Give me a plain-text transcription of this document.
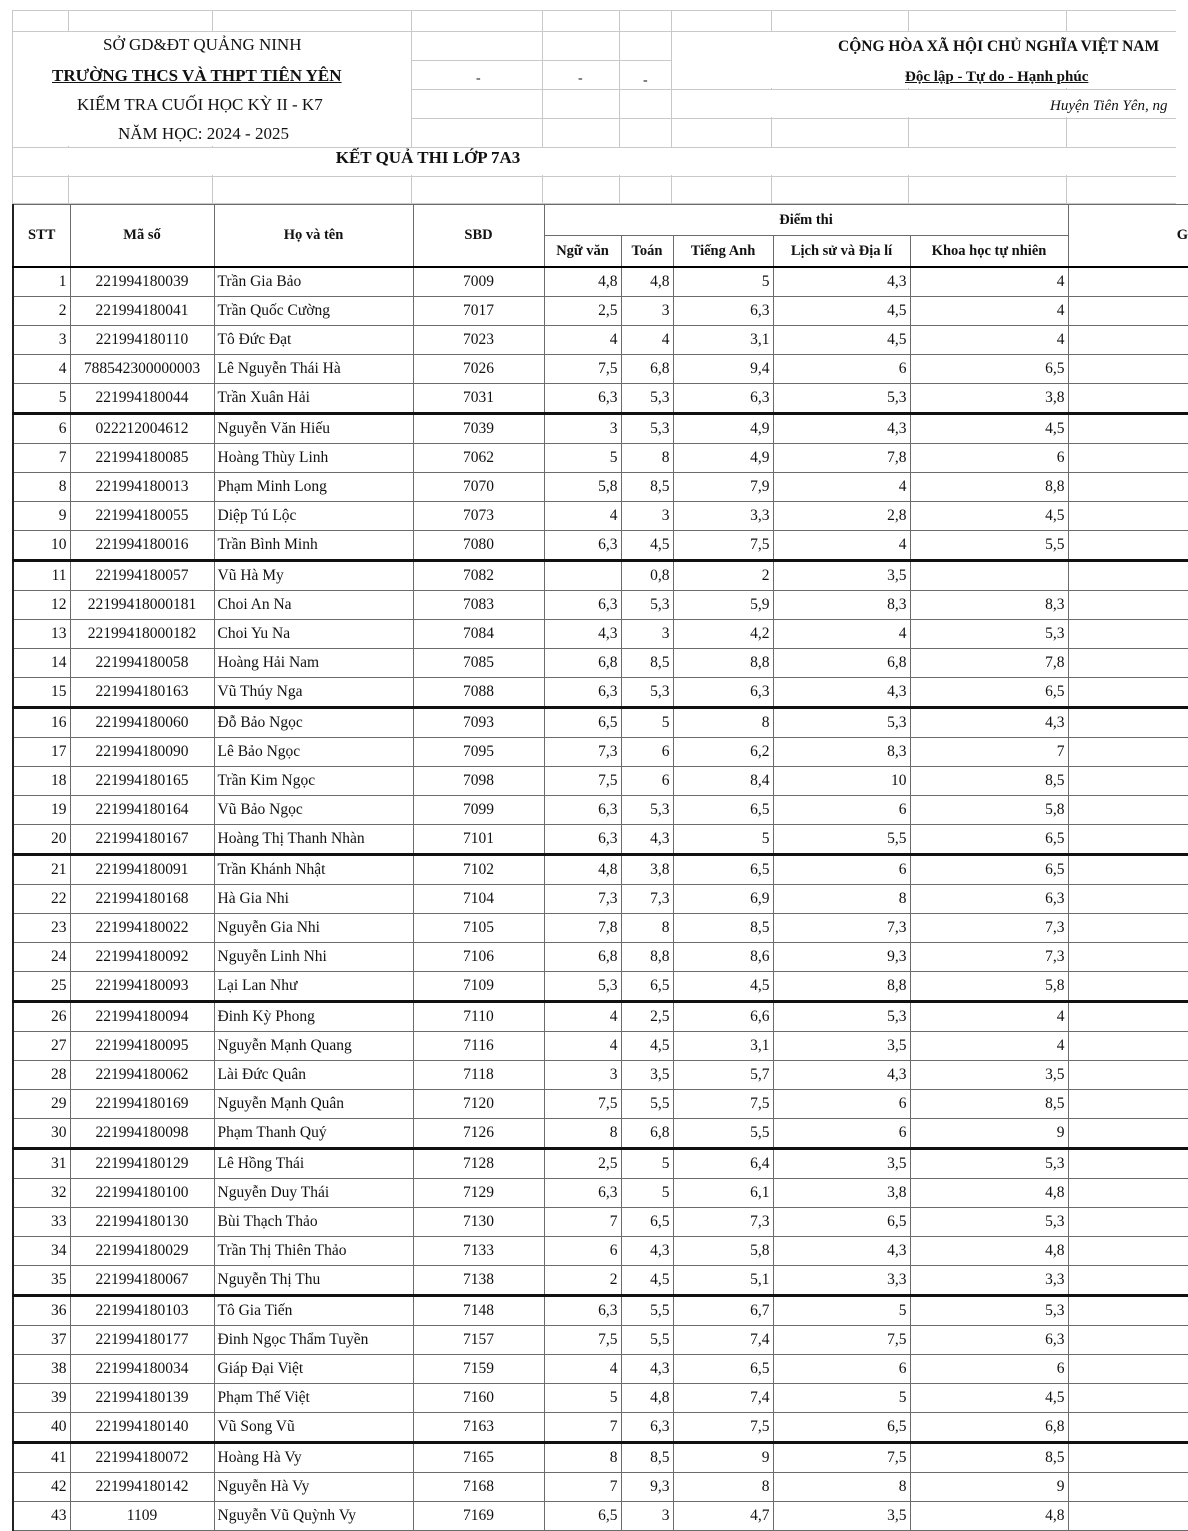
SỞ GD&ĐT QUẢNG NINH
TRƯỜNG THCS VÀ THPT TIÊN YÊN
KIỂM TRA CUỐI HỌC KỲ II - K7
NĂM HỌC: 2024 - 2025
-	-	-
CỘNG HÒA XÃ HỘI CHỦ NGHĨA VIỆT NAM
Độc lập - Tự do - Hạnh phúc
Huyện Tiên Yên, ng
KẾT QUẢ THI LỚP 7A3
STT	Mã số	Họ và tên	SBD	Điểm thi					G
				Ngữ văn	Toán	Tiếng Anh	Lịch sử và Địa lí	Khoa học tự nhiên	
1	221994180039	Trần Gia Bảo	7009	4,8	4,8	5	4,3	4	
2	221994180041	Trần Quốc Cường	7017	2,5	3	6,3	4,5	4	
3	221994180110	Tô Đức Đạt	7023	4	4	3,1	4,5	4	
4	788542300000003	Lê Nguyễn Thái Hà	7026	7,5	6,8	9,4	6	6,5	
5	221994180044	Trần Xuân Hải	7031	6,3	5,3	6,3	5,3	3,8	
6	022212004612	Nguyễn Văn Hiếu	7039	3	5,3	4,9	4,3	4,5	
7	221994180085	Hoàng Thùy Linh	7062	5	8	4,9	7,8	6	
8	221994180013	Phạm Minh Long	7070	5,8	8,5	7,9	4	8,8	
9	221994180055	Diệp Tú Lộc	7073	4	3	3,3	2,8	4,5	
10	221994180016	Trần Bình Minh	7080	6,3	4,5	7,5	4	5,5	
11	221994180057	Vũ Hà My	7082		0,8	2	3,5		
12	22199418000181	Choi An Na	7083	6,3	5,3	5,9	8,3	8,3	
13	22199418000182	Choi Yu Na	7084	4,3	3	4,2	4	5,3	
14	221994180058	Hoàng Hải Nam	7085	6,8	8,5	8,8	6,8	7,8	
15	221994180163	Vũ Thúy Nga	7088	6,3	5,3	6,3	4,3	6,5	
16	221994180060	Đỗ Bảo Ngọc	7093	6,5	5	8	5,3	4,3	
17	221994180090	Lê Bảo Ngọc	7095	7,3	6	6,2	8,3	7	
18	221994180165	Trần Kim Ngọc	7098	7,5	6	8,4	10	8,5	
19	221994180164	Vũ Bảo Ngọc	7099	6,3	5,3	6,5	6	5,8	
20	221994180167	Hoàng Thị Thanh Nhàn	7101	6,3	4,3	5	5,5	6,5	
21	221994180091	Trần Khánh Nhật	7102	4,8	3,8	6,5	6	6,5	
22	221994180168	Hà Gia Nhi	7104	7,3	7,3	6,9	8	6,3	
23	221994180022	Nguyễn Gia Nhi	7105	7,8	8	8,5	7,3	7,3	
24	221994180092	Nguyễn Linh Nhi	7106	6,8	8,8	8,6	9,3	7,3	
25	221994180093	Lại Lan Như	7109	5,3	6,5	4,5	8,8	5,8	
26	221994180094	Đinh Kỳ Phong	7110	4	2,5	6,6	5,3	4	
27	221994180095	Nguyễn Mạnh Quang	7116	4	4,5	3,1	3,5	4	
28	221994180062	Lài Đức Quân	7118	3	3,5	5,7	4,3	3,5	
29	221994180169	Nguyễn Mạnh Quân	7120	7,5	5,5	7,5	6	8,5	
30	221994180098	Phạm Thanh Quý	7126	8	6,8	5,5	6	9	
31	221994180129	Lê Hồng Thái	7128	2,5	5	6,4	3,5	5,3	
32	221994180100	Nguyễn Duy Thái	7129	6,3	5	6,1	3,8	4,8	
33	221994180130	Bùi Thạch Thảo	7130	7	6,5	7,3	6,5	5,3	
34	221994180029	Trần Thị Thiên Thảo	7133	6	4,3	5,8	4,3	4,8	
35	221994180067	Nguyễn Thị Thu	7138	2	4,5	5,1	3,3	3,3	
36	221994180103	Tô Gia Tiến	7148	6,3	5,5	6,7	5	5,3	
37	221994180177	Đinh Ngọc Thẩm Tuyền	7157	7,5	5,5	7,4	7,5	6,3	
38	221994180034	Giáp Đại Việt	7159	4	4,3	6,5	6	6	
39	221994180139	Phạm Thế Việt	7160	5	4,8	7,4	5	4,5	
40	221994180140	Vũ Song Vũ	7163	7	6,3	7,5	6,5	6,8	
41	221994180072	Hoàng Hà Vy	7165	8	8,5	9	7,5	8,5	
42	221994180142	Nguyễn Hà Vy	7168	7	9,3	8	8	9	
43	1109	Nguyễn Vũ Quỳnh Vy	7169	6,5	3	4,7	3,5	4,8	
